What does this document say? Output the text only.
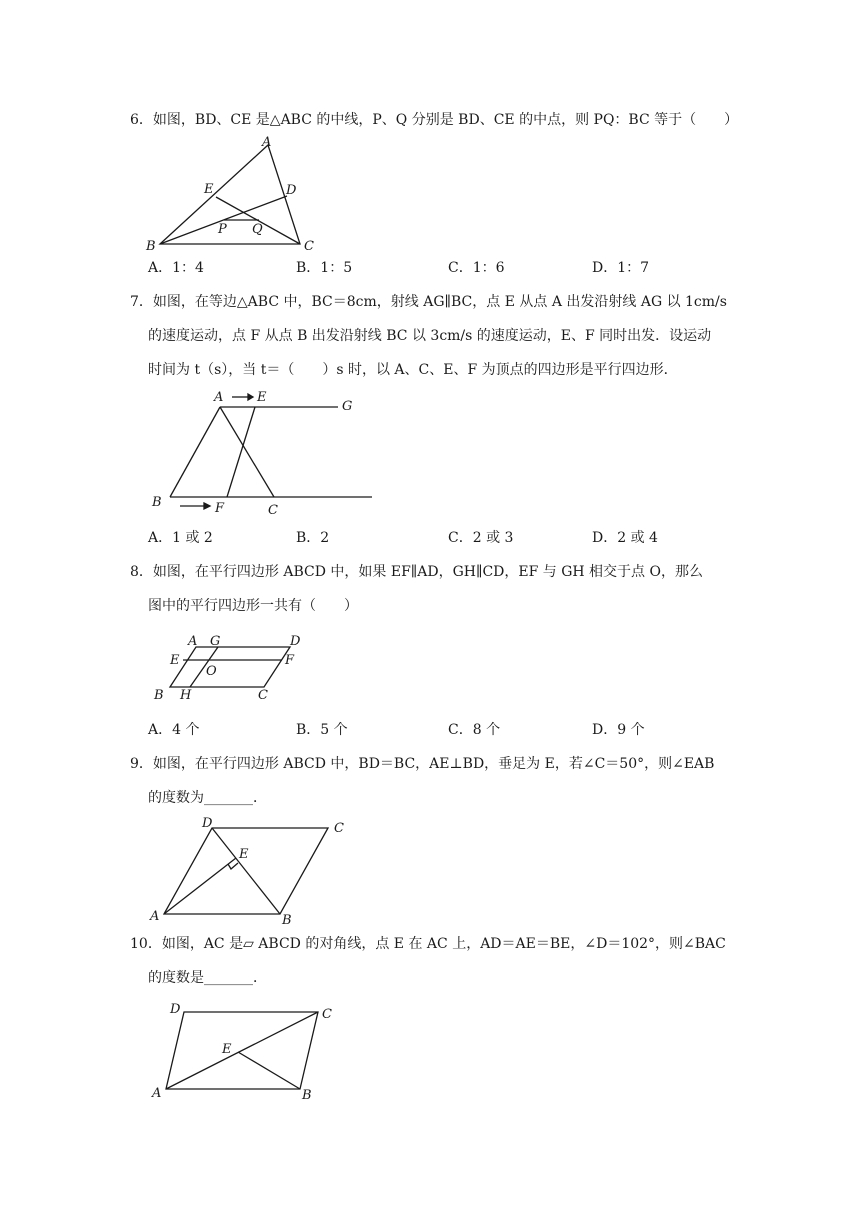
6．如图，BD、CE 是△ABC 的中线，P、Q 分别是 BD、CE 的中点，则 PQ：BC 等于（　　）
A
B	C
D
E
P Q
A．1：4	B．1：5	C．1：6	D．1：7
7．如图，在等边△ABC 中，BC＝8cm，射线 AG∥BC，点 E 从点 A 出发沿射线 AG 以 1cm/s
的速度运动，点 F 从点 B 出发沿射线 BC 以 3cm/s 的速度运动，E、F 同时出发．设运动
时间为 t（s），当 t＝（　　）s 时，以 A、C、E、F 为顶点的四边形是平行四边形．
A	E
G
B	F	C
A．1 或 2	B．2	C．2 或 3	D．2 或 4
8．如图，在平行四边形 ABCD 中，如果 EF∥AD，GH∥CD，EF 与 GH 相交于点 O，那么
图中的平行四边形一共有（　　）
A G	D
E
O
F
B H	C
A．4 个	B．5 个	C．8 个	D．9 个
9．如图，在平行四边形 ABCD 中，BD＝BC，AE⊥BD，垂足为 E，若∠C＝50°，则∠EAB
的度数为_______．
D	C
E
A	B
10．如图，AC 是▱ ABCD 的对角线，点 E 在 AC 上，AD＝AE＝BE，∠D＝102°，则∠BAC
的度数是_______．
D	C
E
A	B
